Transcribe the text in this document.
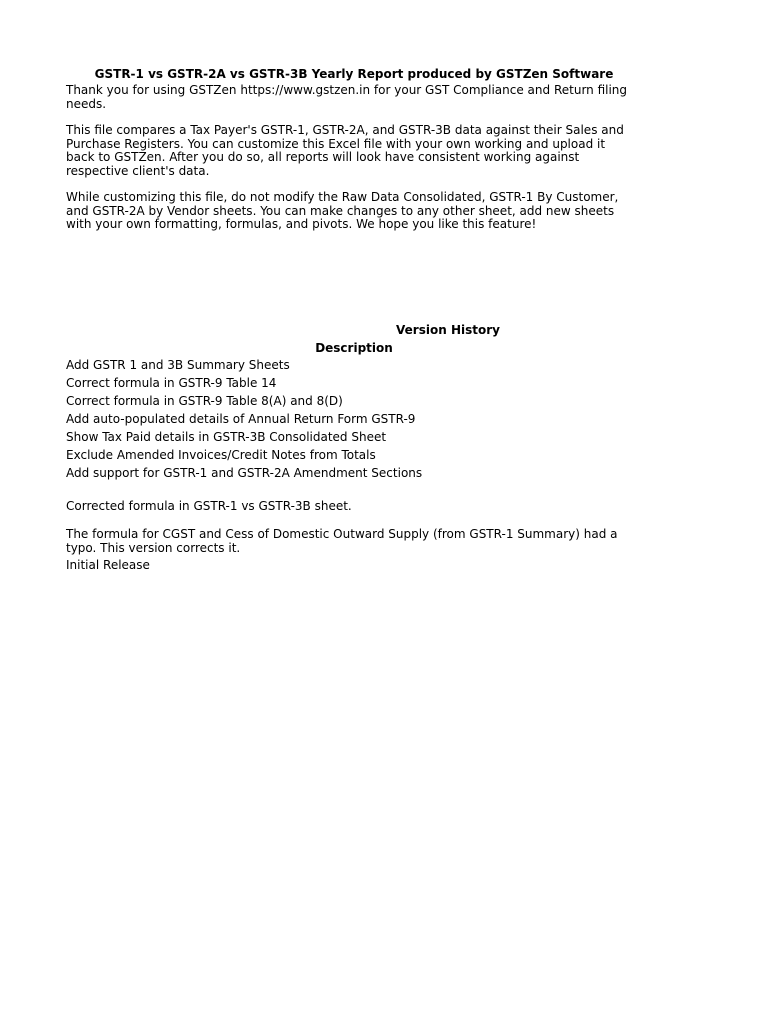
GSTR-1 vs GSTR-2A vs GSTR-3B Yearly Report produced by GSTZen Software

Thank you for using GSTZen https://www.gstzen.in for your GST Compliance and Return filing needs.

This file compares a Tax Payer's GSTR-1, GSTR-2A, and GSTR-3B data against their Sales and Purchase Registers. You can customize this Excel file with your own working and upload it back to GSTZen. After you do so, all reports will look have consistent working against respective client's data.

While customizing this file, do not modify the Raw Data Consolidated, GSTR-1 By Customer, and GSTR-2A by Vendor sheets. You can make changes to any other sheet, add new sheets with your own formatting, formulas, and pivots. We hope you like this feature!

Version History
Description

Add GSTR 1 and 3B Summary Sheets

Correct formula in GSTR-9 Table 14

Correct formula in GSTR-9 Table 8(A) and 8(D)

Add auto-populated details of Annual Return Form GSTR-9

Show Tax Paid details in GSTR-3B Consolidated Sheet

Exclude Amended Invoices/Credit Notes from Totals

Add support for GSTR-1 and GSTR-2A Amendment Sections

Corrected formula in GSTR-1 vs GSTR-3B sheet.

The formula for CGST and Cess of Domestic Outward Supply (from GSTR-1 Summary) had a typo. This version corrects it.

Initial Release
